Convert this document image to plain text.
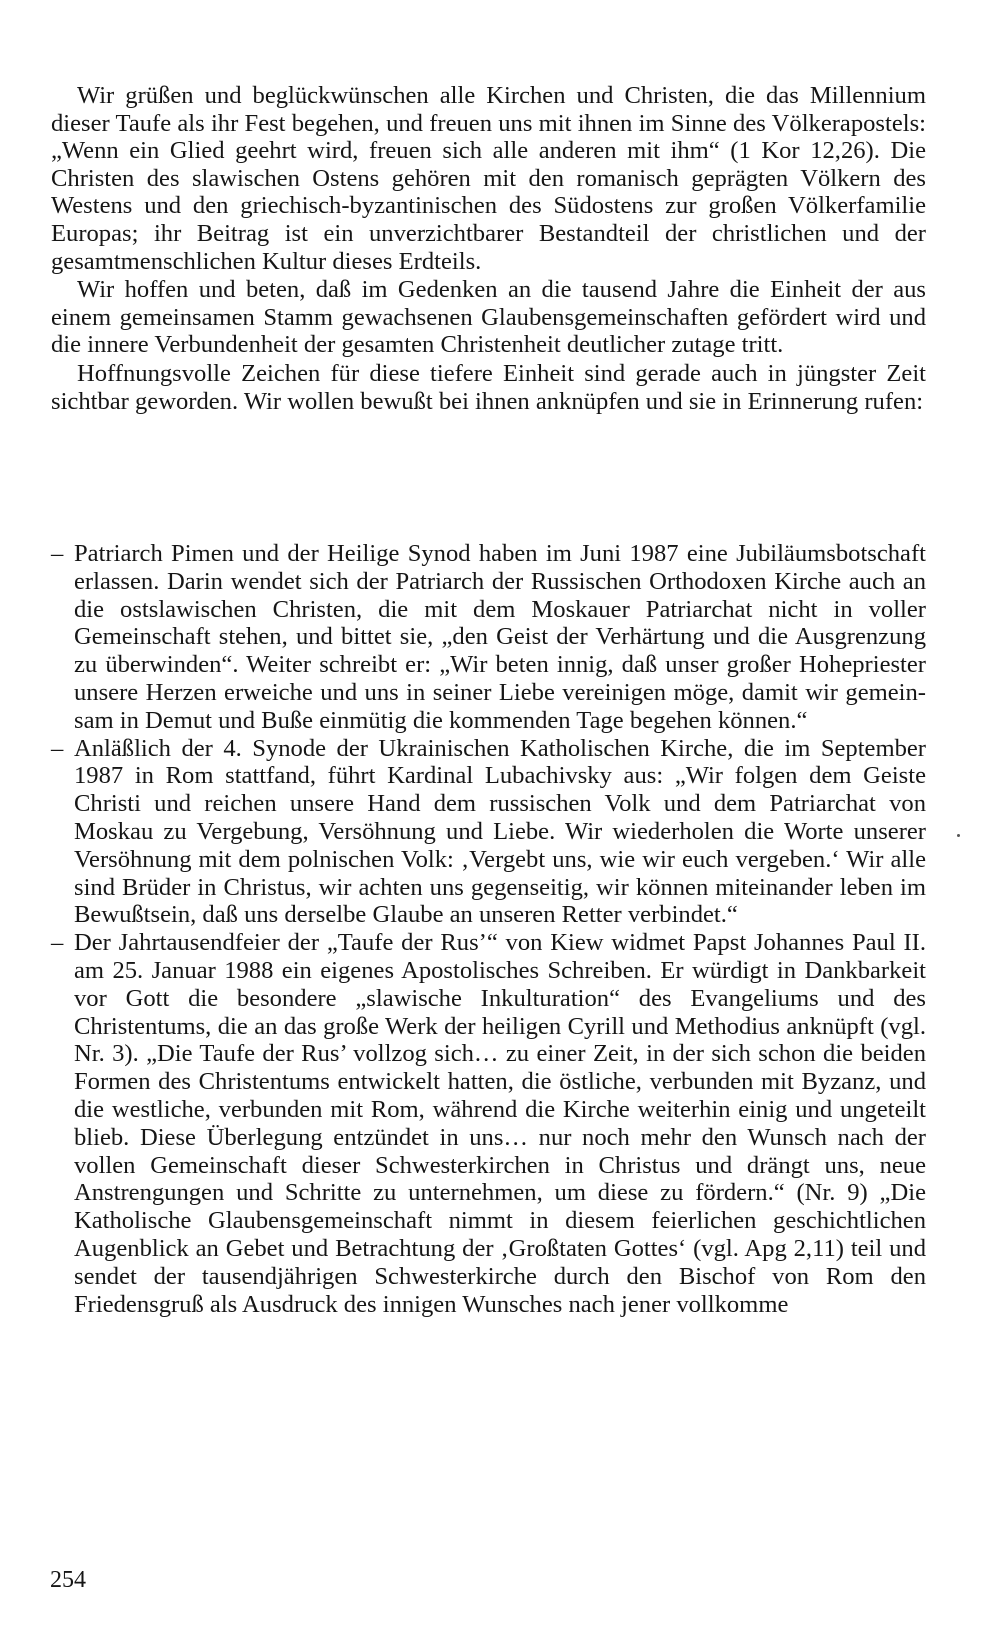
Wir grüßen und beglückwünschen alle Kirchen und Christen, die das Millennium dieser Taufe als ihr Fest begehen, und freuen uns mit ihnen im Sinne des Völkerapostels: „Wenn ein Glied geehrt wird, freuen sich alle anderen mit ihm“ (1 Kor 12,26). Die Christen des slawischen Ostens gehören mit den romanisch geprägten Völkern des Westens und den griechisch-byzantinischen des Südostens zur großen Völkerfamilie Europas; ihr Beitrag ist ein unverzichtbarer Bestandteil der christlichen und der gesamtmenschlichen Kultur dieses Erdteils.

Wir hoffen und beten, daß im Gedenken an die tausend Jahre die Einheit der aus einem gemeinsamen Stamm gewachsenen Glaubensgemeinschaften gefördert wird und die innere Verbundenheit der gesamten Christenheit deutlicher zutage tritt.

Hoffnungsvolle Zeichen für diese tiefere Einheit sind gerade auch in jüngster Zeit sichtbar geworden. Wir wollen bewußt bei ihnen anknüpfen und sie in Erinnerung rufen:

– Patriarch Pimen und der Heilige Synod haben im Juni 1987 eine Jubiläumsbotschaft erlassen. Darin wendet sich der Patriarch der Russischen Orthodoxen Kirche auch an die ostslawischen Christen, die mit dem Moskauer Patriarchat nicht in voller Gemeinschaft stehen, und bittet sie, „den Geist der Verhärtung und die Ausgrenzung zu überwinden“. Weiter schreibt er: „Wir beten innig, daß unser großer Hohepriester unsere Herzen erweiche und uns in seiner Liebe vereinigen möge, damit wir gemeinsam in Demut und Buße einmütig die kommenden Tage begehen können.“
– Anläßlich der 4. Synode der Ukrainischen Katholischen Kirche, die im September 1987 in Rom stattfand, führt Kardinal Lubachivsky aus: „Wir folgen dem Geiste Christi und reichen unsere Hand dem russischen Volk und dem Patriarchat von Moskau zu Vergebung, Versöhnung und Liebe. Wir wiederholen die Worte unserer Versöhnung mit dem polnischen Volk: ‚Vergebt uns, wie wir euch vergeben.‘ Wir alle sind Brüder in Christus, wir achten uns gegenseitig, wir können miteinander leben im Bewußtsein, daß uns derselbe Glaube an unseren Retter verbindet.“
– Der Jahrtausendfeier der „Taufe der Rus’“ von Kiew widmet Papst Johannes Paul II. am 25. Januar 1988 ein eigenes Apostolisches Schreiben. Er würdigt in Dankbarkeit vor Gott die besondere „slawische Inkulturation“ des Evangeliums und des Christentums, die an das große Werk der heiligen Cyrill und Methodius anknüpft (vgl. Nr. 3). „Die Taufe der Rus’ vollzog sich… zu einer Zeit, in der sich schon die beiden Formen des Christentums entwickelt hatten, die östliche, verbunden mit Byzanz, und die westliche, verbunden mit Rom, während die Kirche weiterhin einig und ungeteilt blieb. Diese Überlegung entzündet in uns… nur noch mehr den Wunsch nach der vollen Gemeinschaft dieser Schwesterkirchen in Christus und drängt uns, neue Anstrengungen und Schritte zu unternehmen, um diese zu fördern.“ (Nr. 9) „Die Katholische Glaubensgemeinschaft nimmt in diesem feierlichen geschichtlichen Augenblick an Gebet und Betrachtung der ‚Großtaten Gottes‘ (vgl. Apg 2,11) teil und sendet der tausendjährigen Schwesterkirche durch den Bischof von Rom den Friedensgruß als Ausdruck des innigen Wunsches nach jener vollkomme
254
